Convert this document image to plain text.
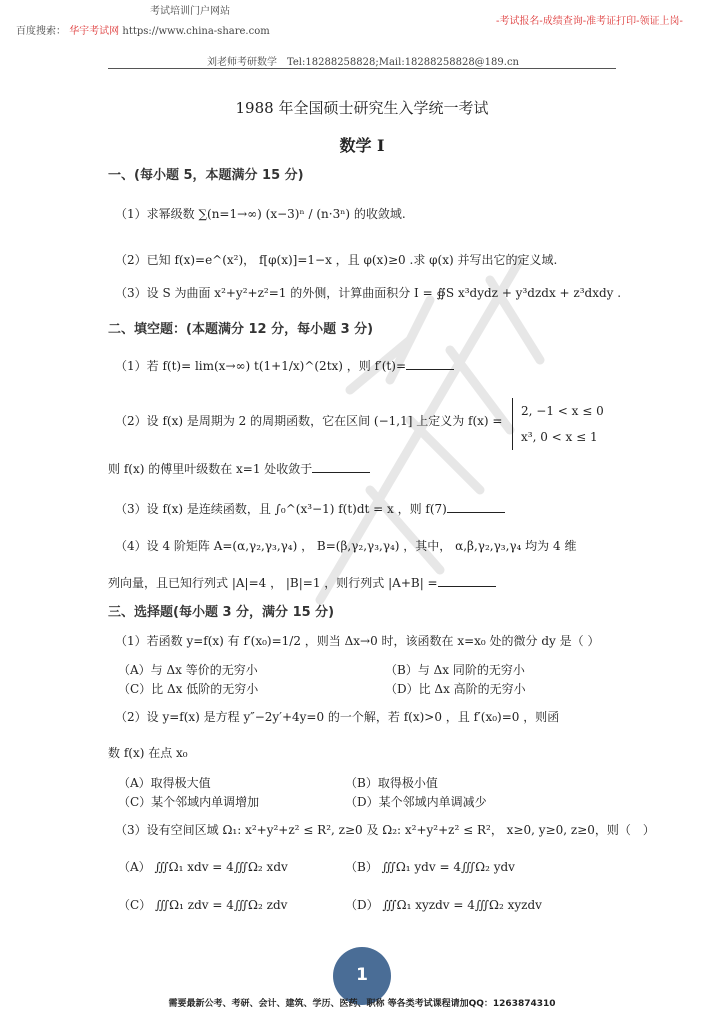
考试培训门户网站
百度搜索： 华宇考试网 https://www.china-share.com
-考试报名-成绩查询-准考证打印-领证上岗-
刘老师考研数学　Tel:18288258828;Mail:18288258828@189.cn
1988 年全国硕士研究生入学统一考试
数学 I
一、(每小题 5，本题满分 15 分)
（1）求幂级数 ∑(n=1→∞) (x−3)ⁿ / (n·3ⁿ) 的收敛域.
（2）已知 f(x)=e^(x²)， f[φ(x)]=1−x ，且 φ(x)≥0 .求 φ(x) 并写出它的定义域.
（3）设 S 为曲面 x²+y²+z²=1 的外侧，计算曲面积分 I = ∯S x³dydz + y³dzdx + z³dxdy .
二、填空题：(本题满分 12 分，每小题 3 分)
（1）若 f(t)= lim(x→∞) t(1+1/x)^(2tx) ，则 f′(t)=
（2）设 f(x) 是周期为 2 的周期函数，它在区间 (−1,1] 上定义为 f(x) =
2, −1 < x ≤ 0
x³, 0 < x ≤ 1
则 f(x) 的傅里叶级数在 x=1 处收敛于
（3）设 f(x) 是连续函数，且 ∫₀^(x³−1) f(t)dt = x ，则 f(7)
（4）设 4 阶矩阵 A=(α,γ₂,γ₃,γ₄) ， B=(β,γ₂,γ₃,γ₄) ，其中， α,β,γ₂,γ₃,γ₄ 均为 4 维
列向量，且已知行列式 |A|=4 ， |B|=1 ，则行列式 |A+B| =
三、选择题(每小题 3 分，满分 15 分)
（1）若函数 y=f(x) 有 f′(x₀)=1/2 ，则当 Δx→0 时，该函数在 x=x₀ 处的微分 dy 是（ ）
（A）与 Δx 等价的无穷小	（B）与 Δx 同阶的无穷小
（C）比 Δx 低阶的无穷小	（D）比 Δx 高阶的无穷小
（2）设 y=f(x) 是方程 y″−2y′+4y=0 的一个解，若 f(x)>0 ，且 f′(x₀)=0 ，则函
数 f(x) 在点 x₀
（A）取得极大值	（B）取得极小值
（C）某个邻域内单调增加	（D）某个邻域内单调减少
（3）设有空间区域 Ω₁: x²+y²+z² ≤ R², z≥0 及 Ω₂: x²+y²+z² ≤ R²， x≥0, y≥0, z≥0，则（　）
（A） ∭Ω₁ xdv = 4∭Ω₂ xdv	（B） ∭Ω₁ ydv = 4∭Ω₂ ydv
（C） ∭Ω₁ zdv = 4∭Ω₂ zdv	（D） ∭Ω₁ xyzdv = 4∭Ω₂ xyzdv
1
需要最新公考、考研、会计、建筑、学历、医药、职称 等各类考试课程请加QQ：1263874310
